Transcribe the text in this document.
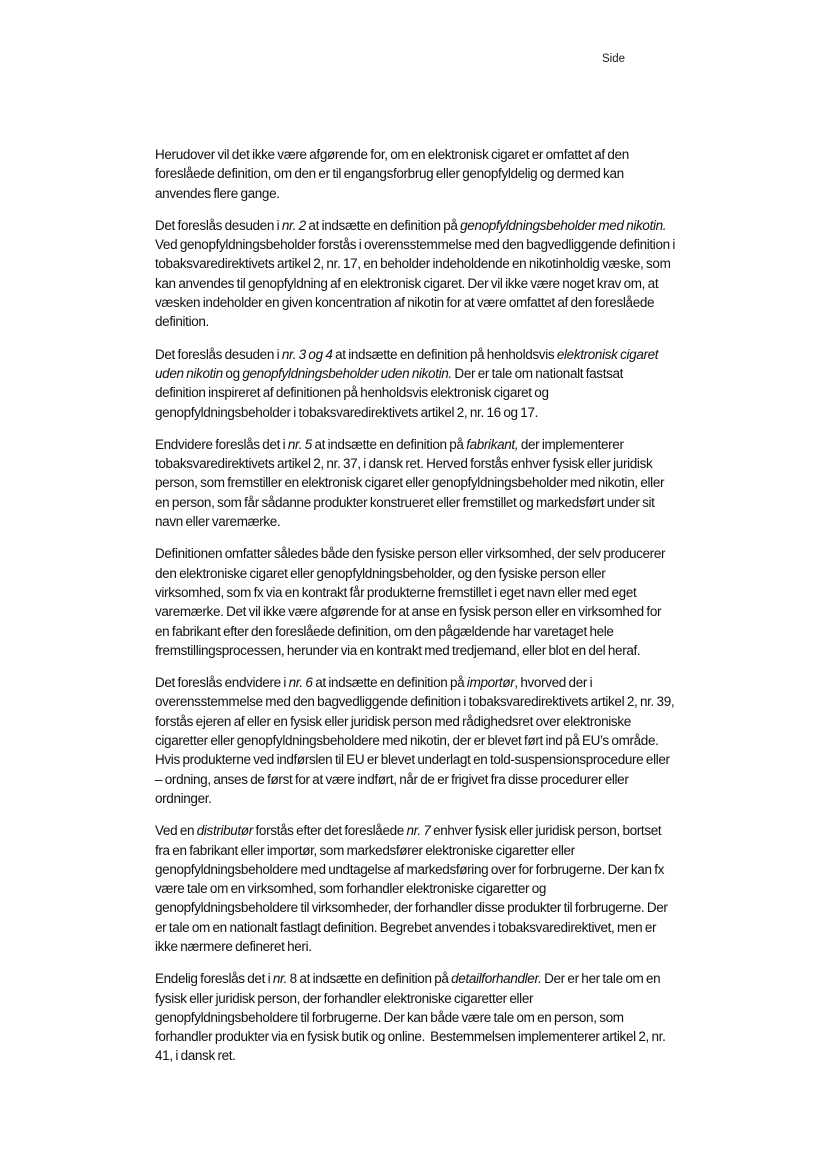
Side

Herudover vil det ikke være afgørende for, om en elektronisk cigaret er omfattet af den foreslåede definition, om den er til engangsforbrug eller genopfyldelig og dermed kan anvendes flere gange.

Det foreslås desuden i nr. 2 at indsætte en definition på genopfyldningsbeholder med nikotin. Ved genopfyldningsbeholder forstås i overensstemmelse med den bagvedliggende definition i tobaksvaredirektivets artikel 2, nr. 17, en beholder indeholdende en nikotinholdig væske, som kan anvendes til genopfyldning af en elektronisk cigaret. Der vil ikke være noget krav om, at væsken indeholder en given koncentration af nikotin for at være omfattet af den foreslåede definition.

Det foreslås desuden i nr. 3 og 4 at indsætte en definition på henholdsvis elektronisk cigaret uden nikotin og genopfyldningsbeholder uden nikotin. Der er tale om nationalt fastsat definition inspireret af definitionen på henholdsvis elektronisk cigaret og genopfyldningsbeholder i tobaksvaredirektivets artikel 2, nr. 16 og 17.

Endvidere foreslås det i nr. 5 at indsætte en definition på fabrikant, der implementerer tobaksvaredirektivets artikel 2, nr. 37, i dansk ret. Herved forstås enhver fysisk eller juridisk person, som fremstiller en elektronisk cigaret eller genopfyldningsbeholder med nikotin, eller en person, som får sådanne produkter konstrueret eller fremstillet og markedsført under sit navn eller varemærke.

Definitionen omfatter således både den fysiske person eller virksomhed, der selv producerer den elektroniske cigaret eller genopfyldningsbeholder, og den fysiske person eller virksomhed, som fx via en kontrakt får produkterne fremstillet i eget navn eller med eget varemærke. Det vil ikke være afgørende for at anse en fysisk person eller en virksomhed for en fabrikant efter den foreslåede definition, om den pågældende har varetaget hele fremstillingsprocessen, herunder via en kontrakt med tredjemand, eller blot en del heraf.

Det foreslås endvidere i nr. 6 at indsætte en definition på importør, hvorved der i overensstemmelse med den bagvedliggende definition i tobaksvaredirektivets artikel 2, nr. 39, forstås ejeren af eller en fysisk eller juridisk person med rådighedsret over elektroniske cigaretter eller genopfyldningsbeholdere med nikotin, der er blevet ført ind på EU’s område. Hvis produkterne ved indførslen til EU er blevet underlagt en told-suspensionsprocedure eller – ordning, anses de først for at være indført, når de er frigivet fra disse procedurer eller ordninger.

Ved en distributør forstås efter det foreslåede nr. 7 enhver fysisk eller juridisk person, bortset fra en fabrikant eller importør, som markedsfører elektroniske cigaretter eller genopfyldningsbeholdere med undtagelse af markedsføring over for forbrugerne. Der kan fx være tale om en virksomhed, som forhandler elektroniske cigaretter og genopfyldningsbeholdere til virksomheder, der forhandler disse produkter til forbrugerne. Der er tale om en nationalt fastlagt definition. Begrebet anvendes i tobaksvaredirektivet, men er ikke nærmere defineret heri.

Endelig foreslås det i nr. 8 at indsætte en definition på detailforhandler. Der er her tale om en fysisk eller juridisk person, der forhandler elektroniske cigaretter eller genopfyldningsbeholdere til forbrugerne. Der kan både være tale om en person, som forhandler produkter via en fysisk butik og online.  Bestemmelsen implementerer artikel 2, nr. 41, i dansk ret.
